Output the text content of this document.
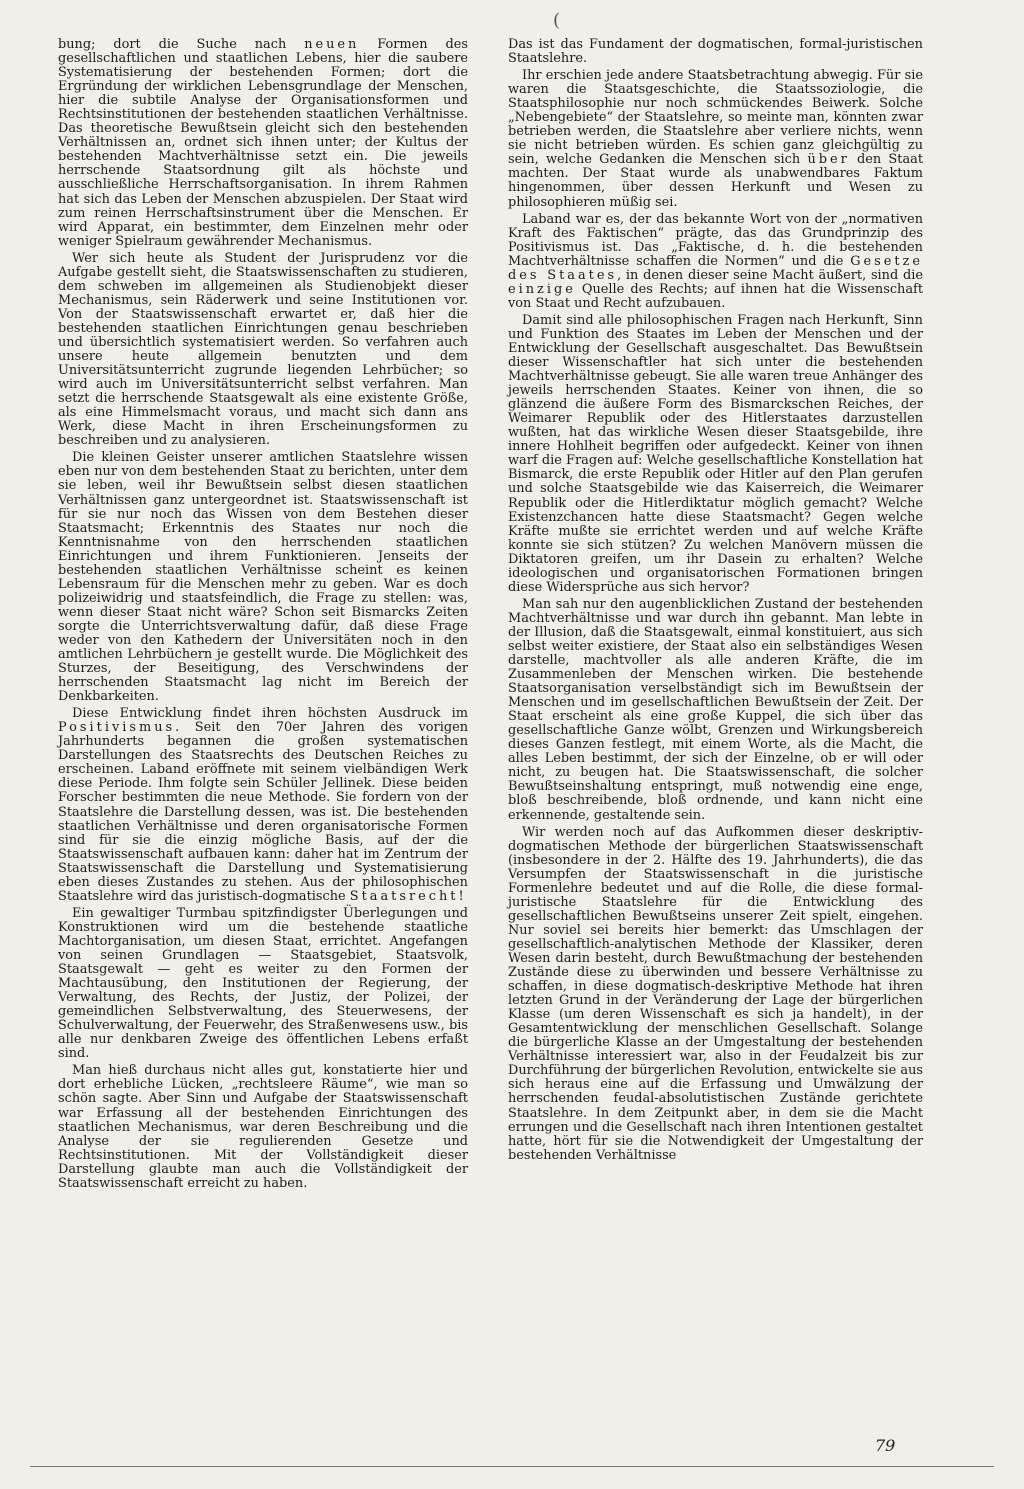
(

bung; dort die Suche nach neuen Formen des gesellschaftlichen und staatlichen Lebens, hier die saubere Systematisierung der bestehenden Formen; dort die Ergründung der wirklichen Lebensgrundlage der Menschen, hier die subtile Analyse der Organisationsformen und Rechtsinstitutionen der bestehenden staatlichen Verhältnisse. Das theoretische Bewußtsein gleicht sich den bestehenden Verhältnissen an, ordnet sich ihnen unter; der Kultus der bestehenden Machtverhältnisse setzt ein. Die jeweils herrschende Staatsordnung gilt als höchste und ausschließliche Herrschaftsorganisation. In ihrem Rahmen hat sich das Leben der Menschen abzuspielen. Der Staat wird zum reinen Herrschaftsinstrument über die Menschen. Er wird Apparat, ein bestimmter, dem Einzelnen mehr oder weniger Spielraum gewährender Mechanismus.

Wer sich heute als Student der Jurisprudenz vor die Aufgabe gestellt sieht, die Staatswissenschaften zu studieren, dem schweben im allgemeinen als Studienobjekt dieser Mechanismus, sein Räderwerk und seine Institutionen vor. Von der Staatswissenschaft erwartet er, daß hier die bestehenden staatlichen Einrichtungen genau beschrieben und übersichtlich systematisiert werden. So verfahren auch unsere heute allgemein benutzten und dem Universitätsunterricht zugrunde liegenden Lehrbücher; so wird auch im Universitätsunterricht selbst verfahren. Man setzt die herrschende Staatsgewalt als eine existente Größe, als eine Himmelsmacht voraus, und macht sich dann ans Werk, diese Macht in ihren Erscheinungsformen zu beschreiben und zu analysieren.

Die kleinen Geister unserer amtlichen Staatslehre wissen eben nur von dem bestehenden Staat zu berichten, unter dem sie leben, weil ihr Bewußtsein selbst diesen staatlichen Verhältnissen ganz untergeordnet ist. Staatswissenschaft ist für sie nur noch das Wissen von dem Bestehen dieser Staatsmacht; Erkenntnis des Staates nur noch die Kenntnisnahme von den herrschenden staatlichen Einrichtungen und ihrem Funktionieren. Jenseits der bestehenden staatlichen Verhältnisse scheint es keinen Lebensraum für die Menschen mehr zu geben. War es doch polizeiwidrig und staatsfeindlich, die Frage zu stellen: was, wenn dieser Staat nicht wäre? Schon seit Bismarcks Zeiten sorgte die Unterrichtsverwaltung dafür, daß diese Frage weder von den Kathedern der Universitäten noch in den amtlichen Lehrbüchern je gestellt wurde. Die Möglichkeit des Sturzes, der Beseitigung, des Verschwindens der herrschenden Staatsmacht lag nicht im Bereich der Denkbarkeiten.

Diese Entwicklung findet ihren höchsten Ausdruck im Positivismus. Seit den 70er Jahren des vorigen Jahrhunderts begannen die großen systematischen Darstellungen des Staatsrechts des Deutschen Reiches zu erscheinen. Laband eröffnete mit seinem vielbändigen Werk diese Periode. Ihm folgte sein Schüler Jellinek. Diese beiden Forscher bestimmten die neue Methode. Sie fordern von der Staatslehre die Darstellung dessen, was ist. Die bestehenden staatlichen Verhältnisse und deren organisatorische Formen sind für sie die einzig mögliche Basis, auf der die Staatswissenschaft aufbauen kann: daher hat im Zentrum der Staatswissenschaft die Darstellung und Systematisierung eben dieses Zustandes zu stehen. Aus der philosophischen Staatslehre wird das juristisch-dogmatische Staatsrecht!

Ein gewaltiger Turmbau spitzfindigster Überlegungen und Konstruktionen wird um die bestehende staatliche Machtorganisation, um diesen Staat, errichtet. Angefangen von seinen Grundlagen — Staatsgebiet, Staatsvolk, Staatsgewalt — geht es weiter zu den Formen der Machtausübung, den Institutionen der Regierung, der Verwaltung, des Rechts, der Justiz, der Polizei, der gemeindlichen Selbstverwaltung, des Steuerwesens, der Schulverwaltung, der Feuerwehr, des Straßenwesens usw., bis alle nur denkbaren Zweige des öffentlichen Lebens erfaßt sind.

Man hieß durchaus nicht alles gut, konstatierte hier und dort erhebliche Lücken, „rechtsleere Räume“, wie man so schön sagte. Aber Sinn und Aufgabe der Staatswissenschaft war Erfassung all der bestehenden Einrichtungen des staatlichen Mechanismus, war deren Beschreibung und die Analyse der sie regulierenden Gesetze und Rechtsinstitutionen. Mit der Vollständigkeit dieser Darstellung glaubte man auch die Vollständigkeit der Staatswissenschaft erreicht zu haben.

Das ist das Fundament der dogmatischen, formal-juristischen Staatslehre.

Ihr erschien jede andere Staatsbetrachtung abwegig. Für sie waren die Staatsgeschichte, die Staatssoziologie, die Staatsphilosophie nur noch schmückendes Beiwerk. Solche „Nebengebiete“ der Staatslehre, so meinte man, könnten zwar betrieben werden, die Staatslehre aber verliere nichts, wenn sie nicht betrieben würden. Es schien ganz gleichgültig zu sein, welche Gedanken die Menschen sich über den Staat machten. Der Staat wurde als unabwendbares Faktum hingenommen, über dessen Herkunft und Wesen zu philosophieren müßig sei.

Laband war es, der das bekannte Wort von der „normativen Kraft des Faktischen“ prägte, das das Grundprinzip des Positivismus ist. Das „Faktische, d. h. die bestehenden Machtverhältnisse schaffen die Normen“ und die Gesetze des Staates, in denen dieser seine Macht äußert, sind die einzige Quelle des Rechts; auf ihnen hat die Wissenschaft von Staat und Recht aufzubauen.

Damit sind alle philosophischen Fragen nach Herkunft, Sinn und Funktion des Staates im Leben der Menschen und der Entwicklung der Gesellschaft ausgeschaltet. Das Bewußtsein dieser Wissenschaftler hat sich unter die bestehenden Machtverhältnisse gebeugt. Sie alle waren treue Anhänger des jeweils herrschenden Staates. Keiner von ihnen, die so glänzend die äußere Form des Bismarckschen Reiches, der Weimarer Republik oder des Hitlerstaates darzustellen wußten, hat das wirkliche Wesen dieser Staatsgebilde, ihre innere Hohlheit begriffen oder aufgedeckt. Keiner von ihnen warf die Fragen auf: Welche gesellschaftliche Konstellation hat Bismarck, die erste Republik oder Hitler auf den Plan gerufen und solche Staatsgebilde wie das Kaiserreich, die Weimarer Republik oder die Hitlerdiktatur möglich gemacht? Welche Existenzchancen hatte diese Staatsmacht? Gegen welche Kräfte mußte sie errichtet werden und auf welche Kräfte konnte sie sich stützen? Zu welchen Manövern müssen die Diktatoren greifen, um ihr Dasein zu erhalten? Welche ideologischen und organisatorischen Formationen bringen diese Widersprüche aus sich hervor?

Man sah nur den augenblicklichen Zustand der bestehenden Machtverhältnisse und war durch ihn gebannt. Man lebte in der Illusion, daß die Staatsgewalt, einmal konstituiert, aus sich selbst weiter existiere, der Staat also ein selbständiges Wesen darstelle, machtvoller als alle anderen Kräfte, die im Zusammenleben der Menschen wirken. Die bestehende Staatsorganisation verselbständigt sich im Bewußtsein der Menschen und im gesellschaftlichen Bewußtsein der Zeit. Der Staat erscheint als eine große Kuppel, die sich über das gesellschaftliche Ganze wölbt, Grenzen und Wirkungsbereich dieses Ganzen festlegt, mit einem Worte, als die Macht, die alles Leben bestimmt, der sich der Einzelne, ob er will oder nicht, zu beugen hat. Die Staatswissenschaft, die solcher Bewußtseinshaltung entspringt, muß notwendig eine enge, bloß beschreibende, bloß ordnende, und kann nicht eine erkennende, gestaltende sein.

Wir werden noch auf das Aufkommen dieser deskriptiv-dogmatischen Methode der bürgerlichen Staatswissenschaft (insbesondere in der 2. Hälfte des 19. Jahrhunderts), die das Versumpfen der Staatswissenschaft in die juristische Formenlehre bedeutet und auf die Rolle, die diese formal-juristische Staatslehre für die Entwicklung des gesellschaftlichen Bewußtseins unserer Zeit spielt, eingehen. Nur soviel sei bereits hier bemerkt: das Umschlagen der gesellschaftlich-analytischen Methode der Klassiker, deren Wesen darin besteht, durch Bewußtmachung der bestehenden Zustände diese zu überwinden und bessere Verhältnisse zu schaffen, in diese dogmatisch-deskriptive Methode hat ihren letzten Grund in der Veränderung der Lage der bürgerlichen Klasse (um deren Wissenschaft es sich ja handelt), in der Gesamtentwicklung der menschlichen Gesellschaft. Solange die bürgerliche Klasse an der Umgestaltung der bestehenden Verhältnisse interessiert war, also in der Feudalzeit bis zur Durchführung der bürgerlichen Revolution, entwickelte sie aus sich heraus eine auf die Erfassung und Umwälzung der herrschenden feudal-absolutistischen Zustände gerichtete Staatslehre. In dem Zeitpunkt aber, in dem sie die Macht errungen und die Gesellschaft nach ihren Intentionen gestaltet hatte, hört für sie die Notwendigkeit der Umgestaltung der bestehenden Verhältnisse

79
